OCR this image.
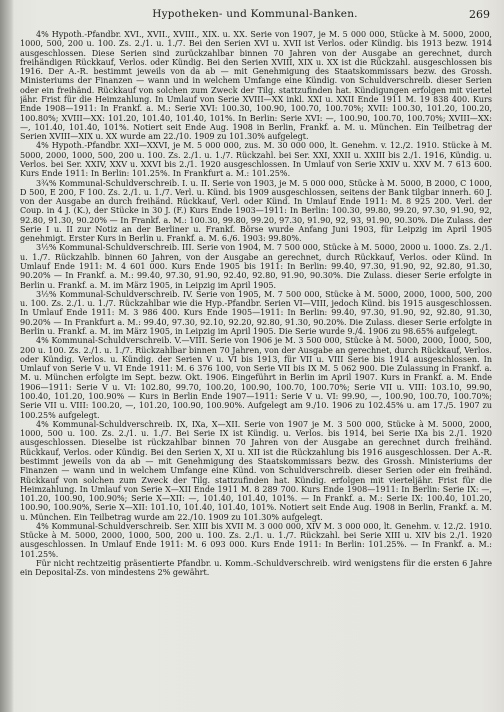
Hypotheken- und Kommunal-Banken.	269

4% Hypoth.-Pfandbr. XVI., XVII., XVIII., XIX. u. XX. Serie von 1907, je M. 5 000 000, Stücke à M. 5000, 2000, 1000, 500, 200 u. 100. Zs. 2./1. u. 1./7. Bei den Serien XVI u. XVII ist Verlos. oder Kündig. bis 1913 bezw. 1914 ausgeschlossen. Diese Serien sind zurückzahlbar binnen 70 Jahren von der Ausgabe an gerechnet, durch freihändigen Rückkauf, Verlos. oder Kündig. Bei den Serien XVIII, XIX u. XX ist die Rückzahl. ausgeschlossen bis 1916. Der A.-R. bestimmt jeweils von da ab — mit Genehmigung des Staatskommissars bezw. des Grossh. Ministeriums der Finanzen — wann und in welchem Umfange eine Kündig. von Schuldverschreib. dieser Serien oder ein freihänd. Rückkauf von solchen zum Zweck der Tilg. stattzufinden hat. Kündigungen erfolgen mit viertel jähr. Frist für die Heimzahlung. In Umlauf von Serie XVIII—XX inkl. XXI u. XXII Ende 1911 M. 19 838 400. Kurs Ende 1908—1911: In Frankf. a. M.: Serie XVI: 100.30, 100.90, 100.70, 100.70%; XVII: 100.30, 101.20, 100.20, 100.80%; XVIII—XX: 101.20, 101.40, 101.40, 101%. In Berlin: Serie XVI: —, 100.90, 100.70, 100.70%; XVIII—XX: —, 101.40, 101.40, 101%. Notiert seit Ende Aug. 1908 in Berlin, Frankf. a. M. u. München. Ein Teilbetrag der Serien XVIII—XIX u. XX wurde am 22./10. 1909 zu 101.30% aufgelegt.

4% Hypoth.-Pfandbr. XXI—XXVI, je M. 5 000 000, zus. M. 30 000 000, lt. Genehm. v. 12./2. 1910. Stücke à M. 5000, 2000, 1000, 500, 200 u. 100. Zs. 2./1. u. 1./7. Rückzahl. bei Ser. XXI, XXII u. XXIII bis 2./1. 1916, Kündig. u. Verlos. bei Ser. XXIV, XXV u. XXVI bis 2./1. 1920 ausgeschlossen. In Umlauf von Serie XXIV u. XXV M. 7 613 600. Kurs Ende 1911: In Berlin: 101.25%. In Frankfurt a. M.: 101.25%.

3¾% Kommunal-Schuldverschreib. I. u. II. Serie von 1903, je M. 5 000 000, Stücke à M. 5000, B 2000, C 1000, D 500, E 200, F 100. Zs. 2./1. u. 1./7. Verl. u. Künd. bis 1909 ausgeschlossen, seitens der Bank tilgbar innerh. 60 J. von der Ausgabe an durch freihänd. Rückkauf, Verl. oder Künd. In Umlauf Ende 1911: M. 8 925 200. Verl. der Coup. in 4 J. (K.), der Stücke in 30 J. (F.) Kurs Ende 1903—1911: In Berlin: 100.30, 99.80, 99.20, 97.30, 91.90, 92, 92.80, 91.30, 90.20% — In Frankf. a. M.: 100.30, 99.80, 99.20, 97.30, 91.90, 92, 93, 91.90, 90.30%. Die Zulass. der Serie I u. II zur Notiz an der Berliner u. Frankf. Börse wurde Anfang Juni 1903, für Leipzig im April 1905 genehmigt. Erster Kurs in Berlin u. Frankf. a. M. 6./6. 1903: 99.80%.

3½% Kommunal-Schuldverschreib. III. Serie von 1904, M. 7 500 000, Stücke à M. 5000, 2000 u. 1000. Zs. 2./1. u. 1./7. Rückzahlb. binnen 60 Jahren, von der Ausgabe an gerechnet, durch Rückkauf, Verlos. oder Künd. In Umlauf Ende 1911: M. 4 601 000. Kurs Ende 1905 bis 1911: In Berlin: 99.40, 97.30, 91.90, 92, 92.80, 91.30, 90.20% — In Frankf. a. M.: 99.40, 97.30, 91.90, 92.40, 92.80, 91.90, 90.30%. Die Zulass. dieser Serie erfolgte in Berlin u. Frankf. a. M. im März 1905, in Leipzig im April 1905.

3½% Kommunal-Schuldverschreib. IV. Serie von 1905, M. 7 500 000, Stücke à M. 5000, 2000, 1000, 500, 200 u. 100. Zs. 2./1. u. 1./7. Rückzahlbar wie die Hyp.-Pfandbr. Serien VI—VIII, jedoch Künd. bis 1915 ausgeschlossen. In Umlauf Ende 1911: M. 3 986 400. Kurs Ende 1905—1911: In Berlin: 99.40, 97.30, 91.90, 92, 92.80, 91.30, 90.20% — In Frankfurt a. M.: 99.40, 97.30, 92.10, 92.20, 92.80, 91.30, 90.20%. Die Zulass. dieser Serie erfolgte in Berlin u. Frankf. a. M. im März 1905, in Leipzig im April 1905. Die Serie wurde 9./4. 1906 zu 98.65% aufgelegt.

4% Kommunal-Schuldverschreib. V.—VIII. Serie von 1906 je M. 3 500 000, Stücke à M. 5000, 2000, 1000, 500, 200 u. 100. Zs. 2./1. u. 1./7. Rückzahlbar binnen 70 Jahren, von der Ausgabe an gerechnet, durch Rückkauf, Verlos. oder Kündig. Verlos. u. Kündig. der Serien V u. VI bis 1913, für VII u. VIII Serie bis 1914 ausgeschlossen. In Umlauf von Serie V u. VI Ende 1911: M. 6 376 100, von Serie VII bis IX M. 5 062 900. Die Zulassung in Frankf. a. M. u. München erfolgte im Sept. bezw. Okt. 1906. Eingeführt in Berlin im April 1907. Kurs in Frankf. a. M. Ende 1906—1911: Serie V u. VI: 102.80, 99.70, 100.20, 100.90, 100.70, 100.70%; Serie VII u. VIII: 103.10, 99.90, 100.40, 101.20, 100.90% — Kurs in Berlin Ende 1907—1911: Serie V u. VI: 99.90, —, 100.90, 100.70, 100.70%; Serie VII u. VIII: 100.20, —, 101.20, 100.90, 100.90%. Aufgelegt am 9./10. 1906 zu 102.45% u. am 17./5. 1907 zu 100.25% aufgelegt.

4% Kommunal-Schuldverschreib. IX, IXa, X—XII. Serie von 1907 je M. 3 500 000, Stücke à M. 5000, 2000, 1000, 500 u. 100. Zs. 2./1. u. 1./7. Bei Serie IX ist Kündig. u. Verlos. bis 1914, bei Serie IXa bis 2./1. 1920 ausgeschlossen. Dieselbe ist rückzahlbar binnen 70 Jahren von der Ausgabe an gerechnet durch freihänd. Rückkauf, Verlos. oder Kündig. Bei den Serien X, XI u. XII ist die Rückzahlung bis 1916 ausgeschlossen. Der A.-R. bestimmt jeweils von da ab — mit Genehmigung des Staatskommissars bezw. des Grossh. Ministeriums der Finanzen — wann und in welchem Umfange eine Künd. von Schuldverschreib. dieser Serien oder ein freihänd. Rückkauf von solchen zum Zweck der Tilg. stattzufinden hat. Kündig. erfolgen mit vierteljähr. Frist für die Heimzahlung. In Umlauf von Serie X—XII Ende 1911 M. 8 289 700. Kurs Ende 1908—1911: In Berlin: Serie IX: —, 101.20, 100.90, 100.90%; Serie X—XII: —, 101.40, 101.40, 101%. — In Frankf. a. M.: Serie IX: 100.40, 101.20, 100.90, 100.90%, Serie X—XII: 101.10, 101.40, 101.40, 101%. Notiert seit Ende Aug. 1908 in Berlin, Frankf. a. M. u. München. Ein Teilbetrag wurde am 22./10. 1909 zu 101.30% aufgelegt.

4% Kommunal-Schuldverschreib. Ser. XIII bis XVII M. 3 000 000, XIV M. 3 000 000, lt. Genehm. v. 12./2. 1910. Stücke à M. 5000, 2000, 1000, 500, 200 u. 100. Zs. 2./1. u. 1./7. Rückzahl. bei Serie XIII u. XIV bis 2./1. 1920 ausgeschlossen. In Umlauf Ende 1911: M. 6 093 000. Kurs Ende 1911: In Berlin: 101.25%. — In Frankf. a. M.: 101.25%.

Für nicht rechtzeitig präsentierte Pfandbr. u. Komm.-Schuldverschreib. wird wenigstens für die ersten 6 Jahre ein Deposital-Zs. von mindestens 2% gewährt.
